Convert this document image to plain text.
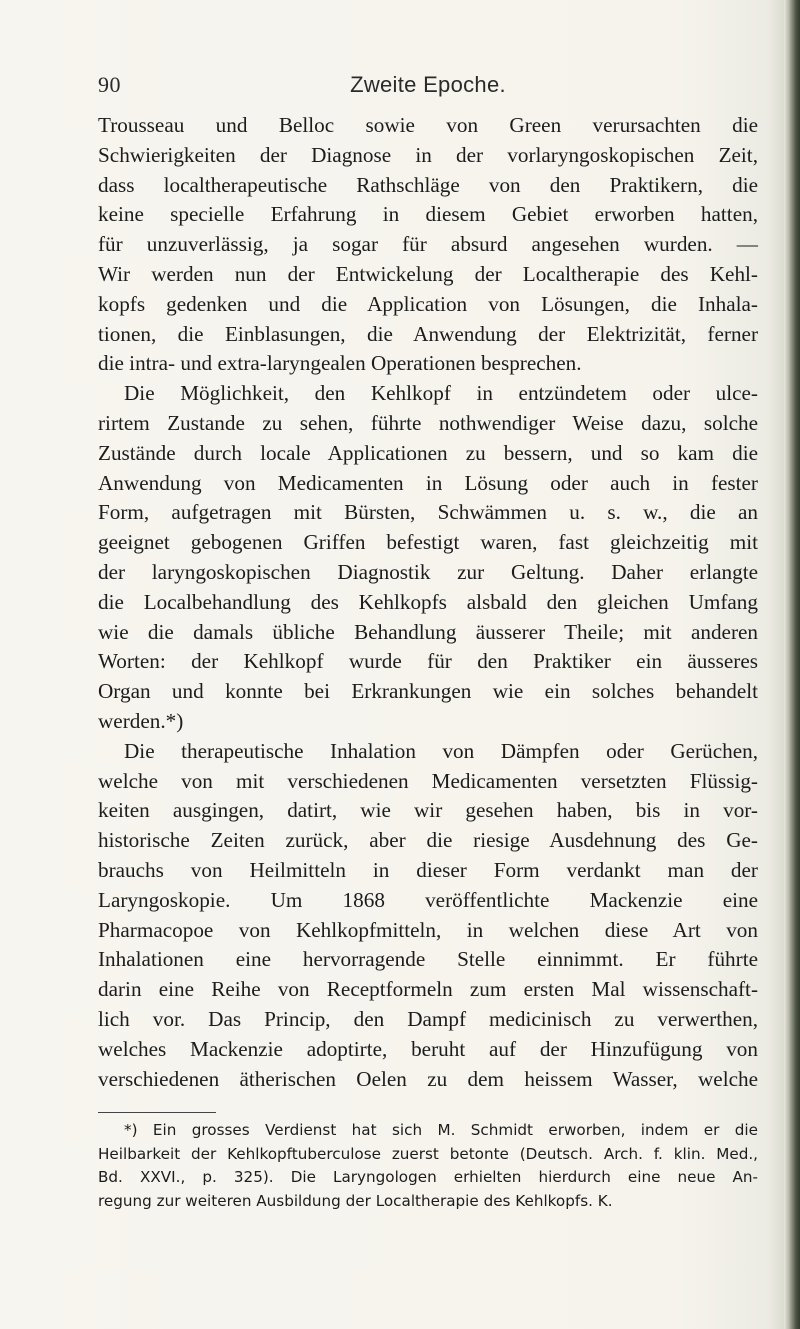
90	Zweite Epoche.
Trousseau und Belloc sowie von Green verursachten die
Schwierigkeiten der Diagnose in der vorlaryngoskopischen Zeit,
dass localtherapeutische Rathschläge von den Praktikern, die
keine specielle Erfahrung in diesem Gebiet erworben hatten,
für unzuverlässig, ja sogar für absurd angesehen wurden. —
Wir werden nun der Entwickelung der Localtherapie des Kehl-
kopfs gedenken und die Application von Lösungen, die Inhala-
tionen, die Einblasungen, die Anwendung der Elektrizität, ferner
die intra- und extra-laryngealen Operationen besprechen.
Die Möglichkeit, den Kehlkopf in entzündetem oder ulce-
rirtem Zustande zu sehen, führte nothwendiger Weise dazu, solche
Zustände durch locale Applicationen zu bessern, und so kam die
Anwendung von Medicamenten in Lösung oder auch in fester
Form, aufgetragen mit Bürsten, Schwämmen u. s. w., die an
geeignet gebogenen Griffen befestigt waren, fast gleichzeitig mit
der laryngoskopischen Diagnostik zur Geltung. Daher erlangte
die Localbehandlung des Kehlkopfs alsbald den gleichen Umfang
wie die damals übliche Behandlung äusserer Theile; mit anderen
Worten: der Kehlkopf wurde für den Praktiker ein äusseres
Organ und konnte bei Erkrankungen wie ein solches behandelt
werden.*)
Die therapeutische Inhalation von Dämpfen oder Gerüchen,
welche von mit verschiedenen Medicamenten versetzten Flüssig-
keiten ausgingen, datirt, wie wir gesehen haben, bis in vor-
historische Zeiten zurück, aber die riesige Ausdehnung des Ge-
brauchs von Heilmitteln in dieser Form verdankt man der
Laryngoskopie. Um 1868 veröffentlichte Mackenzie eine
Pharmacopoe von Kehlkopfmitteln, in welchen diese Art von
Inhalationen eine hervorragende Stelle einnimmt. Er führte
darin eine Reihe von Receptformeln zum ersten Mal wissenschaft-
lich vor. Das Princip, den Dampf medicinisch zu verwerthen,
welches Mackenzie adoptirte, beruht auf der Hinzufügung von
verschiedenen ätherischen Oelen zu dem heissem Wasser, welche
*) Ein grosses Verdienst hat sich M. Schmidt erworben, indem er die
Heilbarkeit der Kehlkopftuberculose zuerst betonte (Deutsch. Arch. f. klin. Med.,
Bd. XXVI., p. 325). Die Laryngologen erhielten hierdurch eine neue An-
regung zur weiteren Ausbildung der Localtherapie des Kehlkopfs. K.
